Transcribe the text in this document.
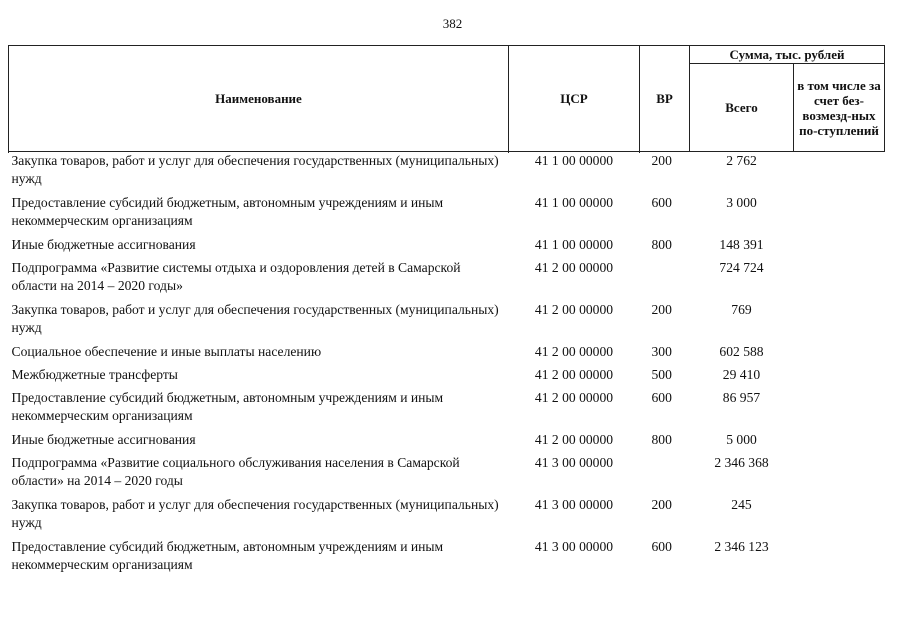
382
Наименование	ЦСР	ВР	Сумма, тыс. рублей	
			Всего	в том числе за счет без-возмезд-ных по-ступлений

Закупка товаров, работ и услуг для обеспечения государственных (муниципальных) нужд	41 1 00 00000	200	2 762	
Предоставление субсидий бюджетным, автономным учреждениям и иным некоммерческим организациям	41 1 00 00000	600	3 000	
Иные бюджетные ассигнования	41 1 00 00000	800	148 391	
Подпрограмма «Развитие системы отдыха и оздоровления детей в Самарской области на 2014 – 2020 годы»	41 2 00 00000		724 724	
Закупка товаров, работ и услуг для обеспечения государственных (муниципальных) нужд	41 2 00 00000	200	769	
Социальное обеспечение и иные выплаты населению	41 2 00 00000	300	602 588	
Межбюджетные трансферты	41 2 00 00000	500	29 410	
Предоставление субсидий бюджетным, автономным учреждениям и иным некоммерческим организациям	41 2 00 00000	600	86 957	
Иные бюджетные ассигнования	41 2 00 00000	800	5 000	
Подпрограмма «Развитие социального обслуживания населения в Самарской области» на 2014 – 2020 годы	41 3 00 00000		2 346 368	
Закупка товаров, работ и услуг для обеспечения государственных (муниципальных) нужд	41 3 00 00000	200	245	
Предоставление субсидий бюджетным, автономным учреждениям и иным некоммерческим организациям	41 3 00 00000	600	2 346 123	
